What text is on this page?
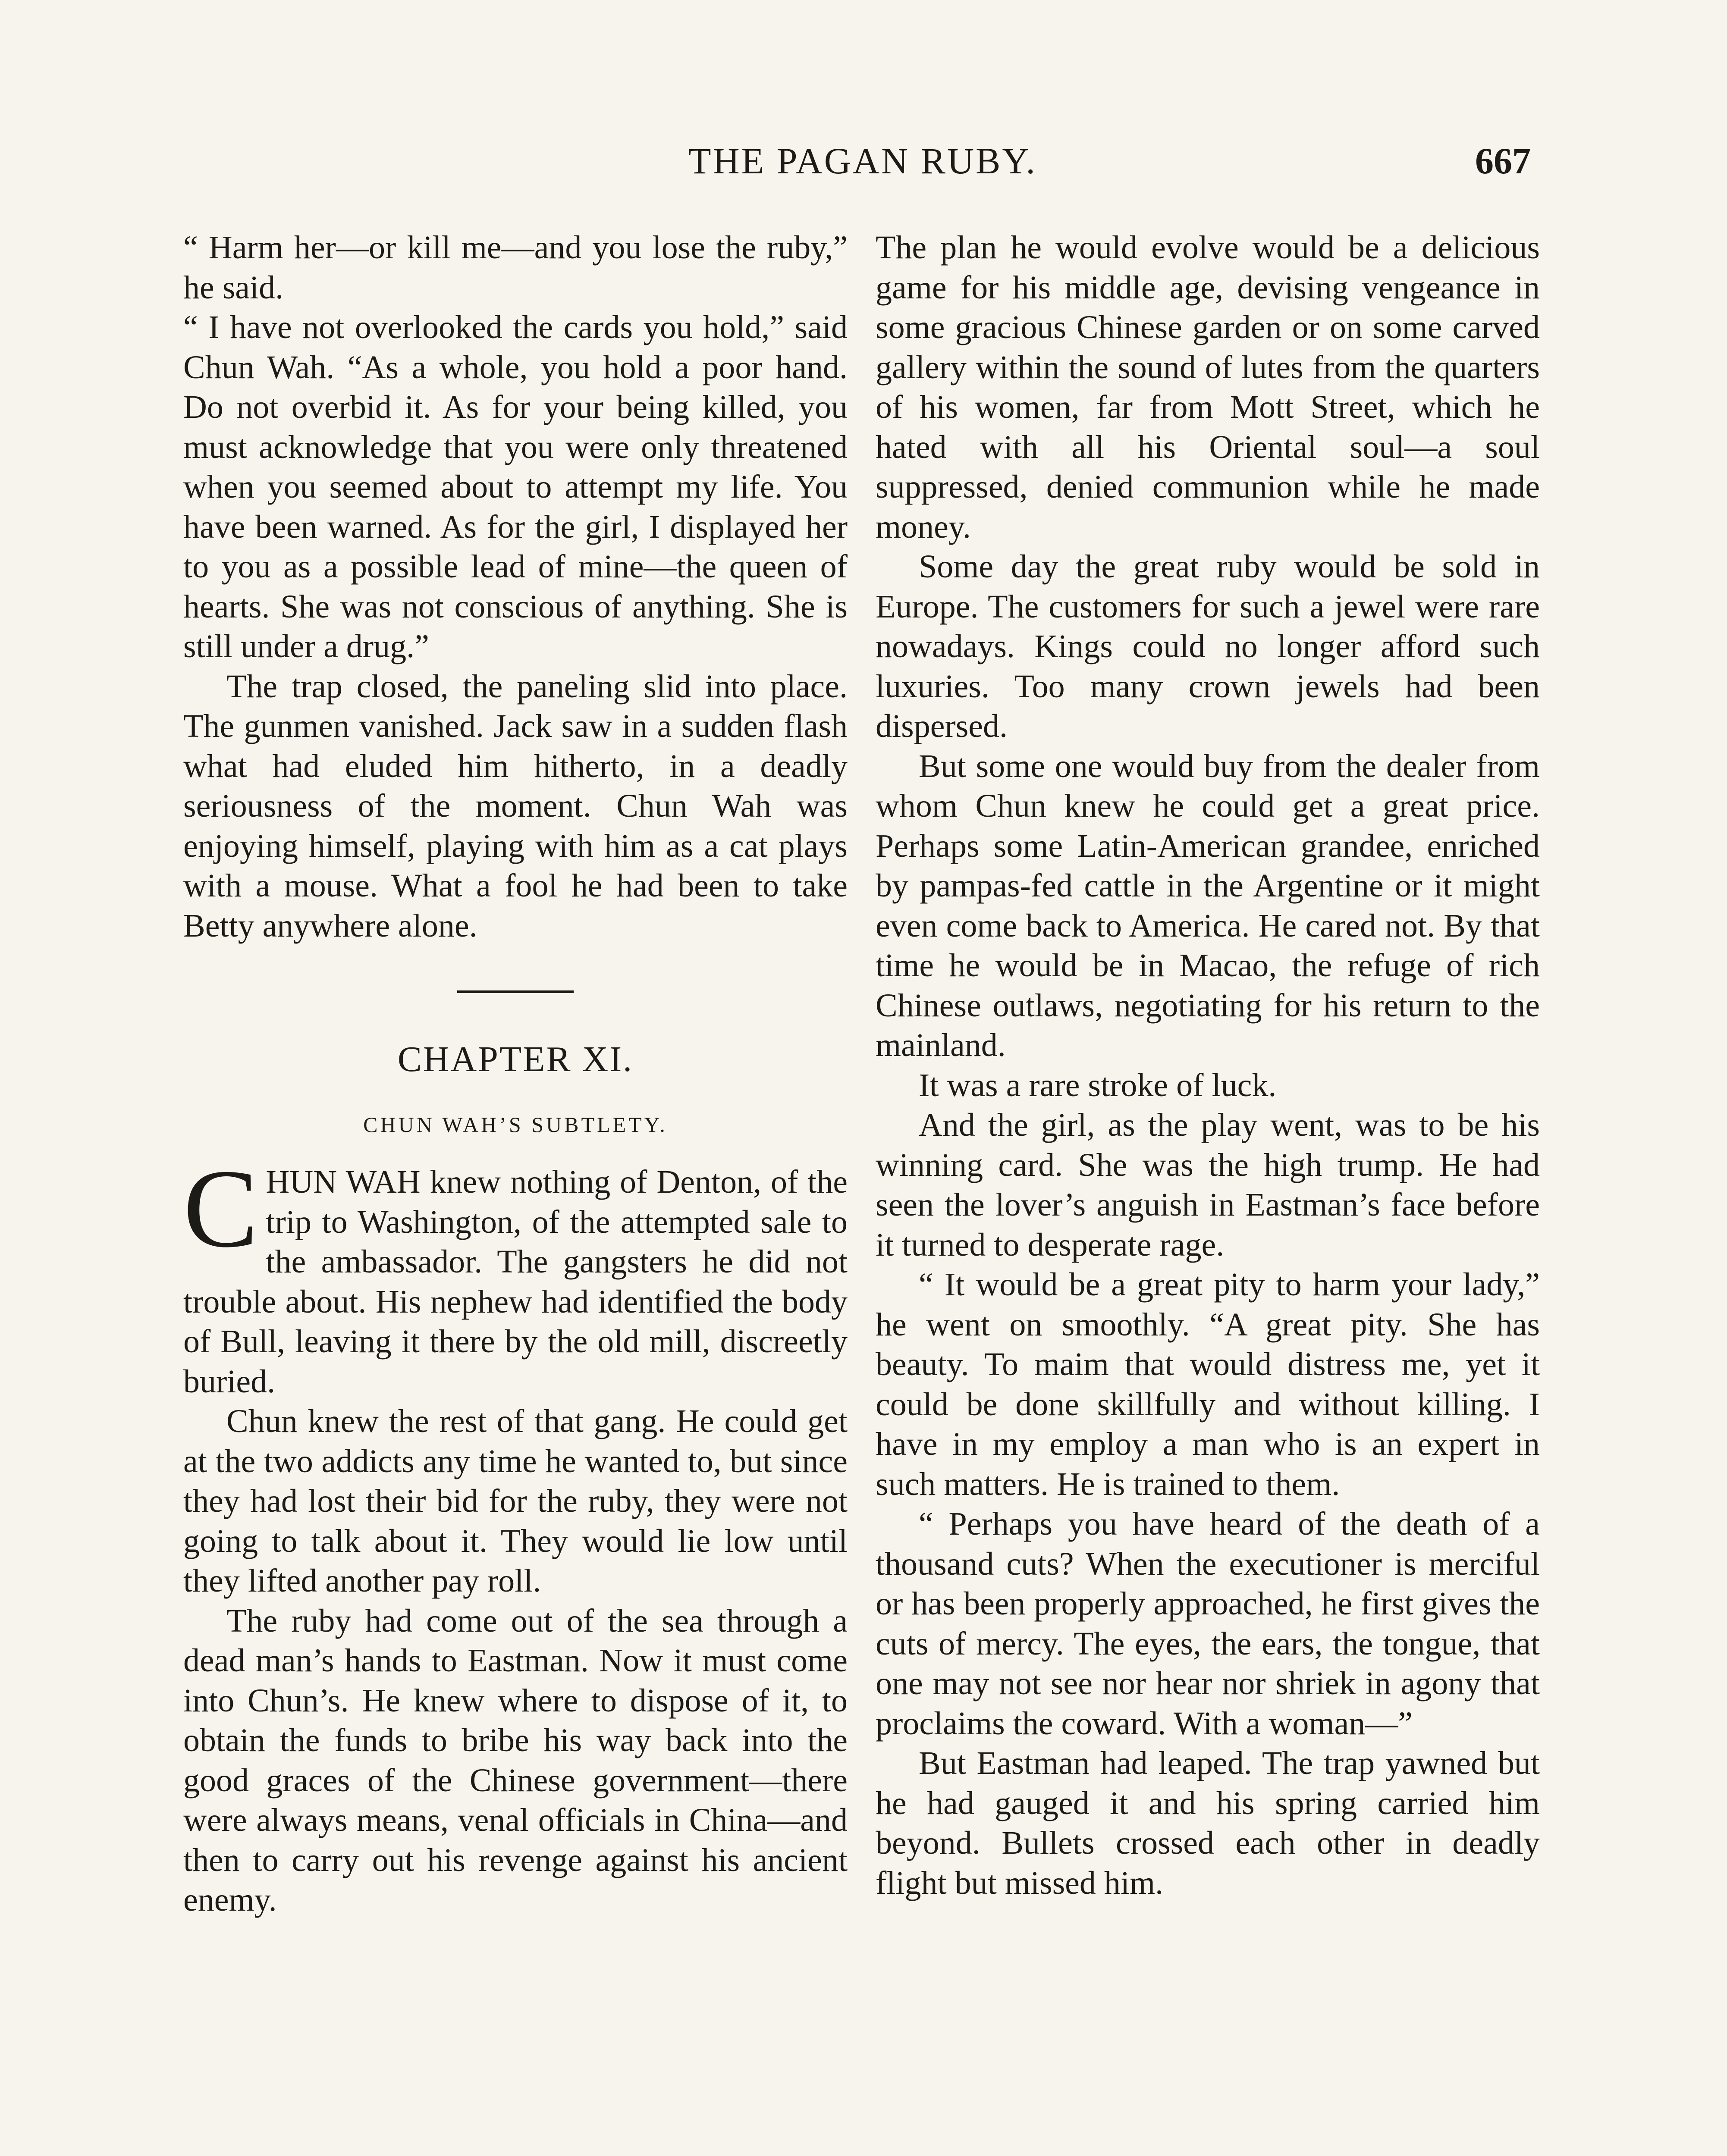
THE PAGAN RUBY.	667

“ Harm her—or kill me—and you lose the ruby,” he said.

“ I have not overlooked the cards you hold,” said Chun Wah. “As a whole, you hold a poor hand. Do not overbid it. As for your being killed, you must acknowledge that you were only threatened when you seemed about to attempt my life. You have been warned. As for the girl, I displayed her to you as a possible lead of mine—the queen of hearts. She was not conscious of anything. She is still under a drug.”

The trap closed, the paneling slid into place. The gunmen vanished. Jack saw in a sudden flash what had eluded him hitherto, in a deadly seriousness of the moment. Chun Wah was enjoying himself, playing with him as a cat plays with a mouse. What a fool he had been to take Betty anywhere alone.

CHAPTER XI.
CHUN WAH’S SUBTLETY.
C HUN WAH knew nothing of Denton, of the trip to Washington, of the attempted sale to the ambassador. The gangsters he did not trouble about. His nephew had identified the body of Bull, leaving it there by the old mill, discreetly buried.

Chun knew the rest of that gang. He could get at the two addicts any time he wanted to, but since they had lost their bid for the ruby, they were not going to talk about it. They would lie low until they lifted another pay roll.

The ruby had come out of the sea through a dead man’s hands to Eastman. Now it must come into Chun’s. He knew where to dispose of it, to obtain the funds to bribe his way back into the good graces of the Chinese government—there were always means, venal officials in China—and then to carry out his revenge against his ancient enemy.

The plan he would evolve would be a delicious game for his middle age, devising vengeance in some gracious Chinese garden or on some carved gallery within the sound of lutes from the quarters of his women, far from Mott Street, which he hated with all his Oriental soul—a soul suppressed, denied communion while he made money.

Some day the great ruby would be sold in Europe. The customers for such a jewel were rare nowadays. Kings could no longer afford such luxuries. Too many crown jewels had been dispersed.

But some one would buy from the dealer from whom Chun knew he could get a great price. Perhaps some Latin-American grandee, enriched by pampas-fed cattle in the Argentine or it might even come back to America. He cared not. By that time he would be in Macao, the refuge of rich Chinese outlaws, negotiating for his return to the mainland.

It was a rare stroke of luck.

And the girl, as the play went, was to be his winning card. She was the high trump. He had seen the lover’s anguish in Eastman’s face before it turned to desperate rage.

“ It would be a great pity to harm your lady,” he went on smoothly. “A great pity. She has beauty. To maim that would distress me, yet it could be done skillfully and without killing. I have in my employ a man who is an expert in such matters. He is trained to them.

“ Perhaps you have heard of the death of a thousand cuts? When the executioner is merciful or has been properly approached, he first gives the cuts of mercy. The eyes, the ears, the tongue, that one may not see nor hear nor shriek in agony that proclaims the coward. With a woman—”

But Eastman had leaped. The trap yawned but he had gauged it and his spring carried him beyond. Bullets crossed each other in deadly flight but missed him.
